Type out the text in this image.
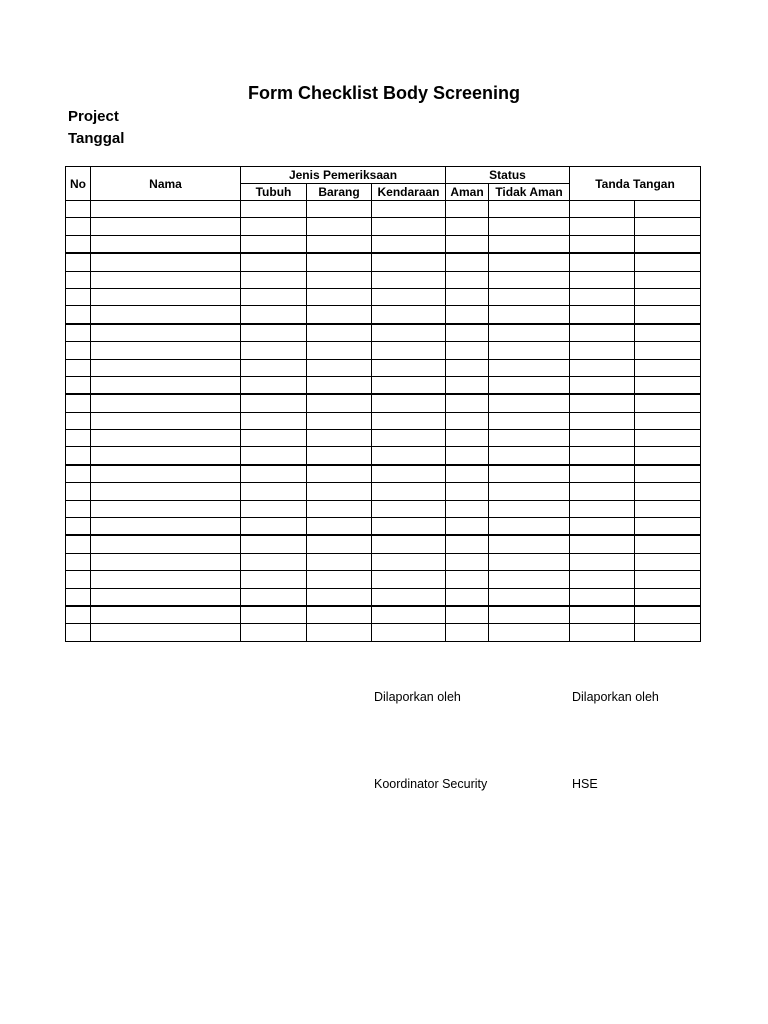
Form Checklist Body Screening
Project
Tanggal
No	Nama	Jenis Pemeriksaan			Status		Tanda Tangan	
		Tubuh	Barang	Kendaraan	Aman	Tidak Aman		

Dilaporkan oleh	Dilaporkan oleh
Koordinator Security	HSE
